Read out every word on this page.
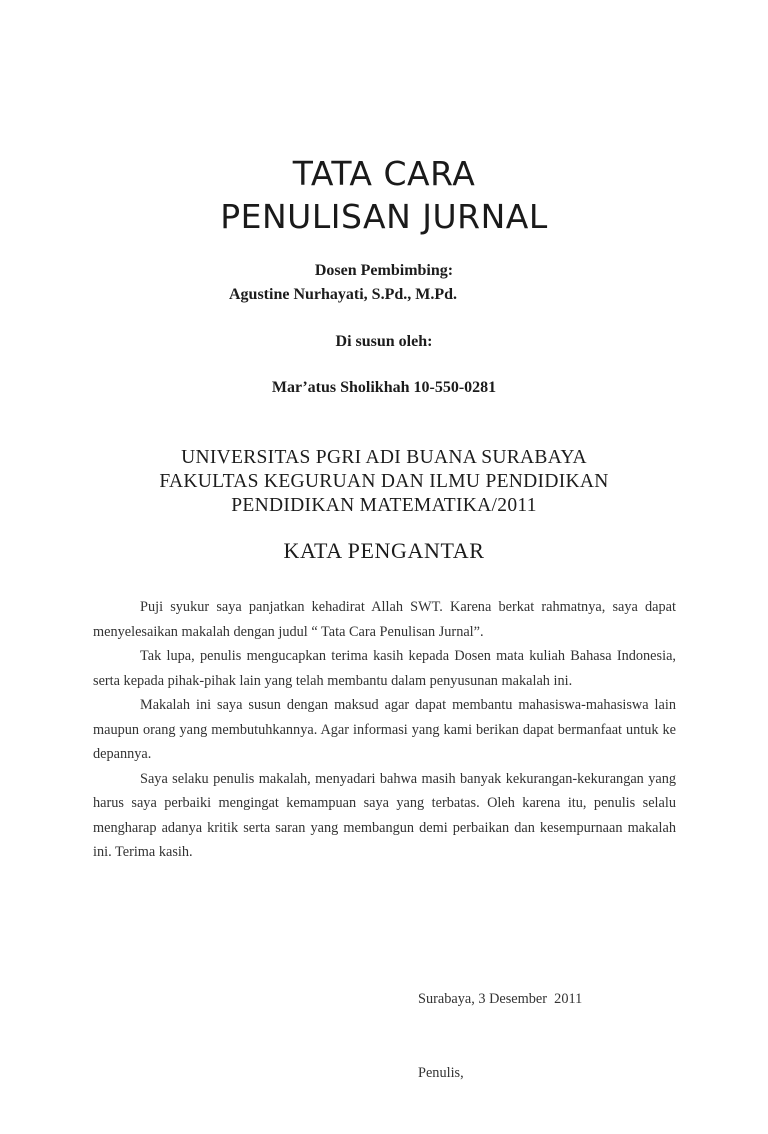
TATA CARA
PENULISAN JURNAL
Dosen Pembimbing:
Agustine Nurhayati, S.Pd., M.Pd.
Di susun oleh:
Mar’atus Sholikhah 10-550-0281
UNIVERSITAS PGRI ADI BUANA SURABAYA
FAKULTAS KEGURUAN DAN ILMU PENDIDIKAN
PENDIDIKAN MATEMATIKA/2011
KATA PENGANTAR

Puji syukur saya panjatkan kehadirat Allah SWT. Karena berkat rahmatnya, saya dapat menyelesaikan makalah dengan judul “ Tata Cara Penulisan Jurnal”.

Tak lupa, penulis mengucapkan terima kasih kepada Dosen mata kuliah Bahasa Indonesia, serta kepada pihak-pihak lain yang telah membantu dalam penyusunan makalah ini.

Makalah ini saya susun dengan maksud agar dapat membantu mahasiswa-mahasiswa lain maupun orang yang membutuhkannya. Agar informasi yang kami berikan dapat bermanfaat untuk ke depannya.

Saya selaku penulis makalah, menyadari bahwa masih banyak kekurangan-kekurangan yang harus saya perbaiki mengingat kemampuan saya yang terbatas. Oleh karena itu, penulis selalu mengharap adanya kritik serta saran yang membangun demi perbaikan dan kesempurnaan makalah ini. Terima kasih.

Surabaya, 3 Desember  2011

Penulis,
